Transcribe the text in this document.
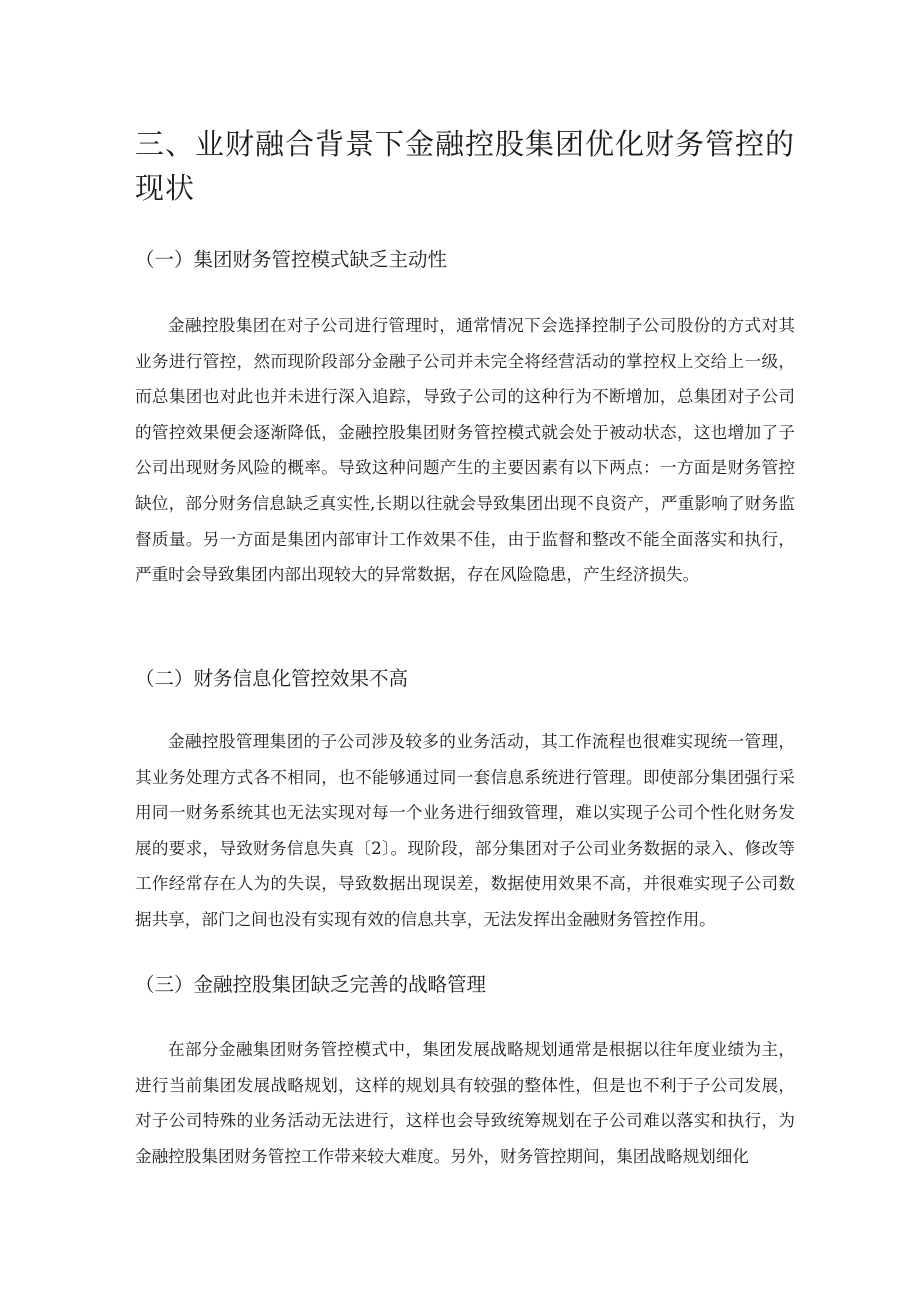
三、业财融合背景下金融控股集团优化财务管控的现状
（一）集团财务管控模式缺乏主动性

金融控股集团在对子公司进行管理时，通常情况下会选择控制子公司股份的方式对其业务进行管控，然而现阶段部分金融子公司并未完全将经营活动的掌控权上交给上一级，而总集团也对此也并未进行深入追踪，导致子公司的这种行为不断增加，总集团对子公司的管控效果便会逐渐降低，金融控股集团财务管控模式就会处于被动状态，这也增加了子公司出现财务风险的概率。导致这种问题产生的主要因素有以下两点：一方面是财务管控缺位，部分财务信息缺乏真实性,长期以往就会导致集团出现不良资产，严重影响了财务监督质量。另一方面是集团内部审计工作效果不佳，由于监督和整改不能全面落实和执行，严重时会导致集团内部出现较大的异常数据，存在风险隐患，产生经济损失。

（二）财务信息化管控效果不高

金融控股管理集团的子公司涉及较多的业务活动，其工作流程也很难实现统一管理，其业务处理方式各不相同，也不能够通过同一套信息系统进行管理。即使部分集团强行采用同一财务系统其也无法实现对每一个业务进行细致管理，难以实现子公司个性化财务发展的要求，导致财务信息失真〔2〕。现阶段，部分集团对子公司业务数据的录入、修改等工作经常存在人为的失误，导致数据出现误差，数据使用效果不高，并很难实现子公司数据共享，部门之间也没有实现有效的信息共享，无法发挥出金融财务管控作用。

（三）金融控股集团缺乏完善的战略管理

在部分金融集团财务管控模式中，集团发展战略规划通常是根据以往年度业绩为主，进行当前集团发展战略规划，这样的规划具有较强的整体性，但是也不利于子公司发展，对子公司特殊的业务活动无法进行，这样也会导致统筹规划在子公司难以落实和执行，为金融控股集团财务管控工作带来较大难度。另外，财务管控期间，集团战略规划细化
